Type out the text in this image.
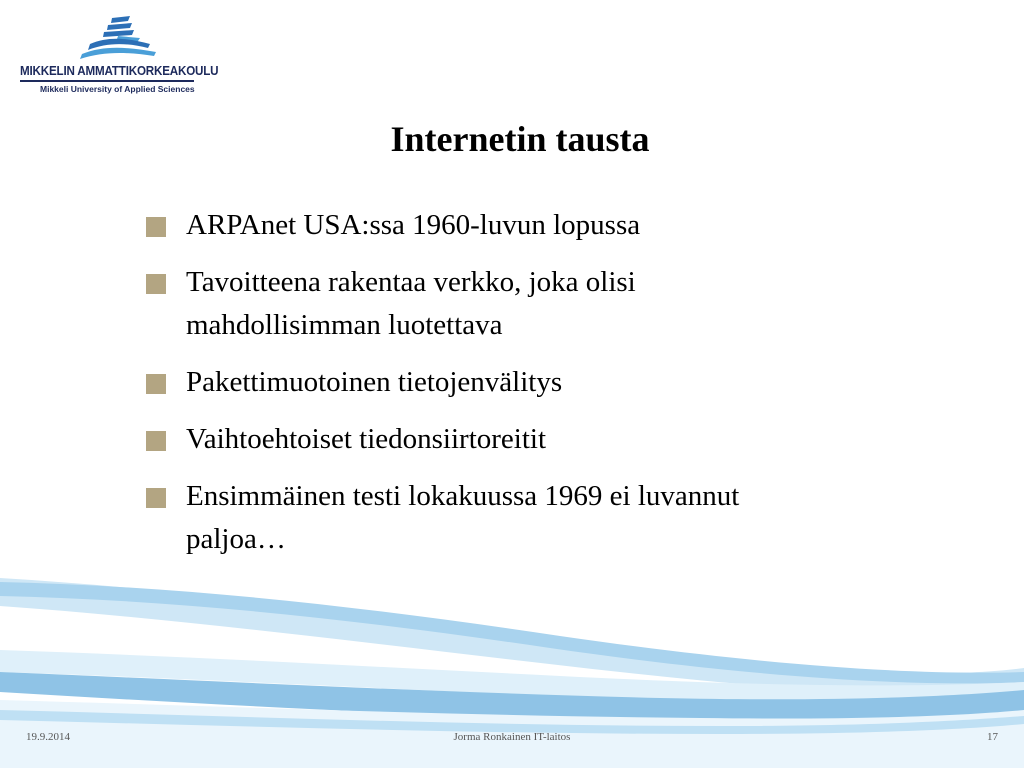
MIKKELIN AMMATTIKORKEAKOULU
Mikkeli University of Applied Sciences
Internetin tausta
ARPAnet USA:ssa 1960-luvun lopussa
Tavoitteena rakentaa verkko, joka olisi mahdollisimman luotettava
Pakettimuotoinen tietojenvälitys
Vaihtoehtoiset tiedonsiirtoreitit
Ensimmäinen testi lokakuussa 1969 ei luvannut paljoa…
19.9.2014	Jorma Ronkainen IT-laitos	17
